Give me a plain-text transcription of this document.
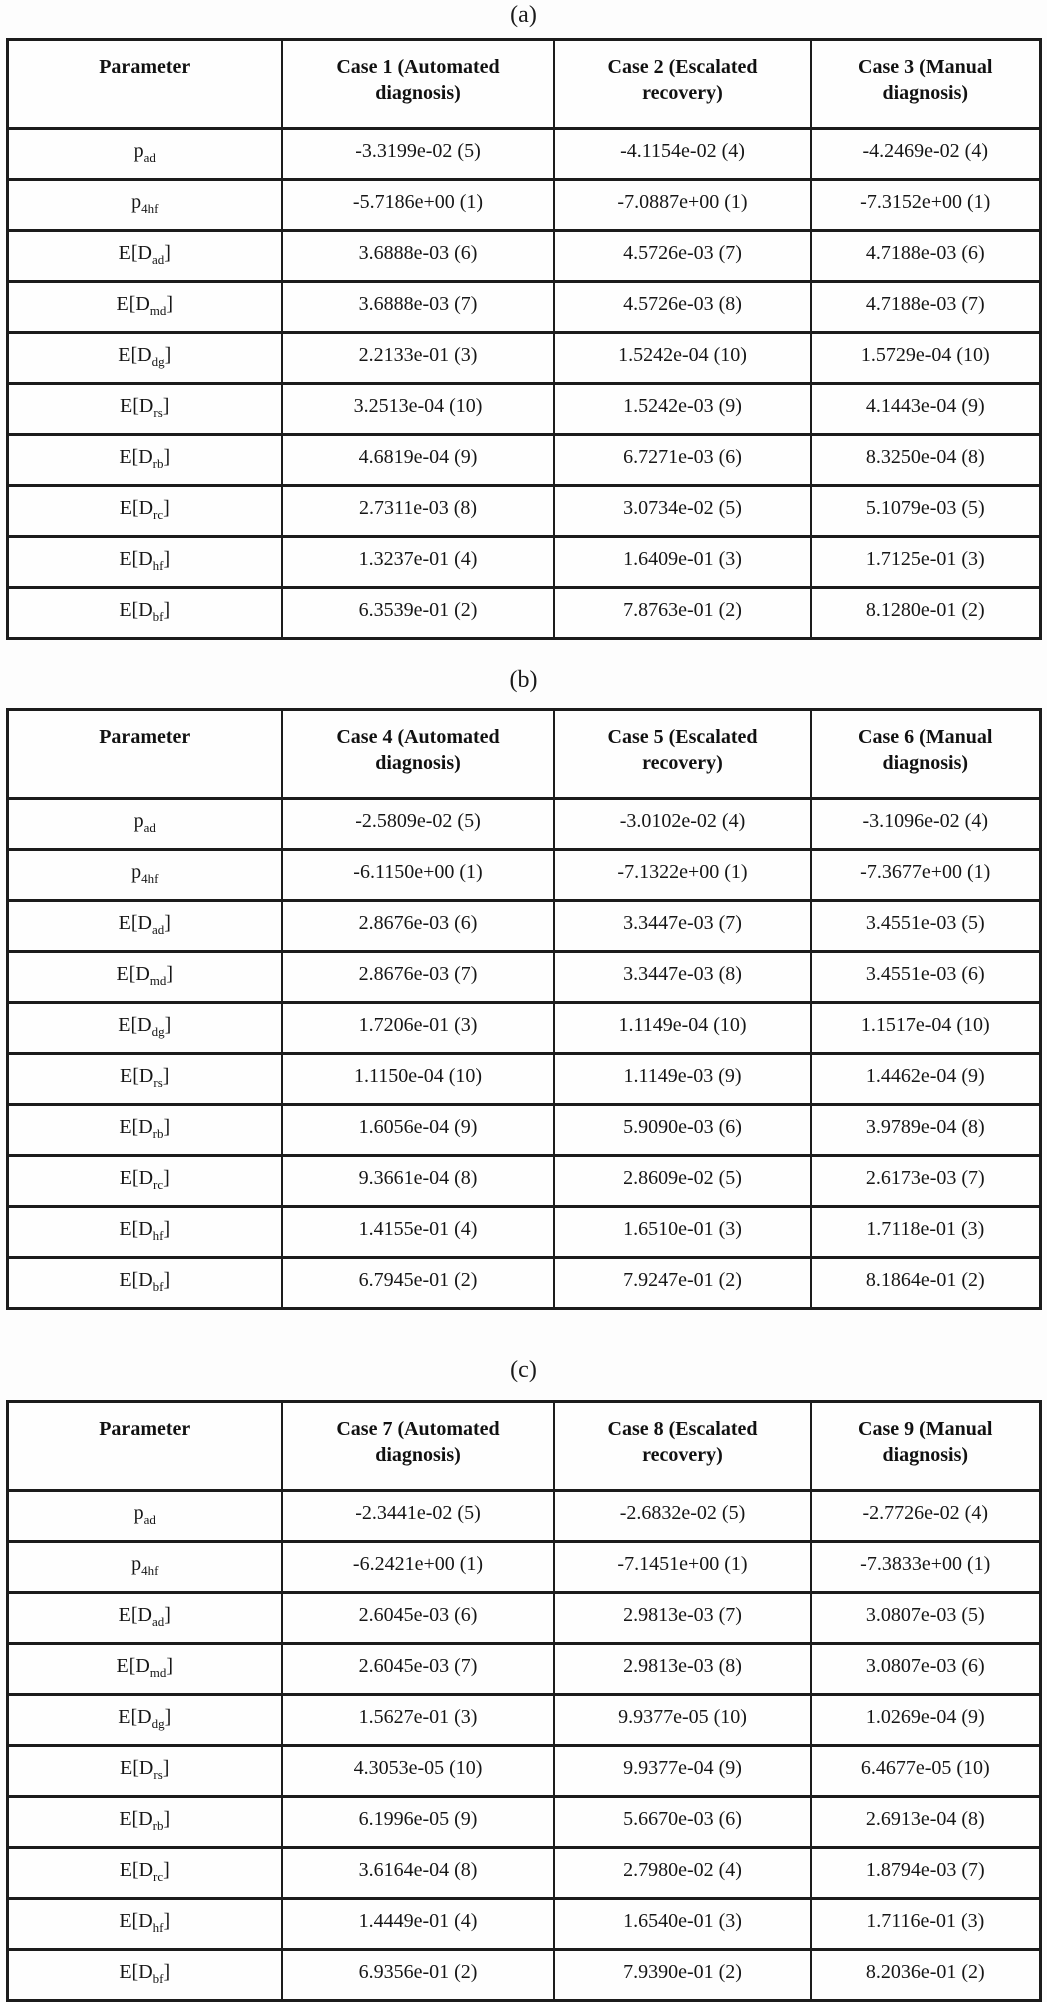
(a)
Parameter	Case 1 (Automated diagnosis)	Case 2 (Escalated recovery)	Case 3 (Manual diagnosis)
$p_{ad}$	-3.3199e-02 (5)	-4.1154e-02 (4)	-4.2469e-02 (4)
$p_{4hf}$	-5.7186e+00 (1)	-7.0887e+00 (1)	-7.3152e+00 (1)
$E[D_{ad}]$	3.6888e-03 (6)	4.5726e-03 (7)	4.7188e-03 (6)
$E[D_{md}]$	3.6888e-03 (7)	4.5726e-03 (8)	4.7188e-03 (7)
$E[D_{dg}]$	2.2133e-01 (3)	1.5242e-04 (10)	1.5729e-04 (10)
$E[D_{rs}]$	3.2513e-04 (10)	1.5242e-03 (9)	4.1443e-04 (9)
$E[D_{rb}]$	4.6819e-04 (9)	6.7271e-03 (6)	8.3250e-04 (8)
$E[D_{rc}]$	2.7311e-03 (8)	3.0734e-02 (5)	5.1079e-03 (5)
$E[D_{hf}]$	1.3237e-01 (4)	1.6409e-01 (3)	1.7125e-01 (3)
$E[D_{bf}]$	6.3539e-01 (2)	7.8763e-01 (2)	8.1280e-01 (2)
(b)
Parameter	Case 4 (Automated diagnosis)	Case 5 (Escalated recovery)	Case 6 (Manual diagnosis)
$p_{ad}$	-2.5809e-02 (5)	-3.0102e-02 (4)	-3.1096e-02 (4)
$p_{4hf}$	-6.1150e+00 (1)	-7.1322e+00 (1)	-7.3677e+00 (1)
$E[D_{ad}]$	2.8676e-03 (6)	3.3447e-03 (7)	3.4551e-03 (5)
$E[D_{md}]$	2.8676e-03 (7)	3.3447e-03 (8)	3.4551e-03 (6)
$E[D_{dg}]$	1.7206e-01 (3)	1.1149e-04 (10)	1.1517e-04 (10)
$E[D_{rs}]$	1.1150e-04 (10)	1.1149e-03 (9)	1.4462e-04 (9)
$E[D_{rb}]$	1.6056e-04 (9)	5.9090e-03 (6)	3.9789e-04 (8)
$E[D_{rc}]$	9.3661e-04 (8)	2.8609e-02 (5)	2.6173e-03 (7)
$E[D_{hf}]$	1.4155e-01 (4)	1.6510e-01 (3)	1.7118e-01 (3)
$E[D_{bf}]$	6.7945e-01 (2)	7.9247e-01 (2)	8.1864e-01 (2)
(c)
Parameter	Case 7 (Automated diagnosis)	Case 8 (Escalated recovery)	Case 9 (Manual diagnosis)
$p_{ad}$	-2.3441e-02 (5)	-2.6832e-02 (5)	-2.7726e-02 (4)
$p_{4hf}$	-6.2421e+00 (1)	-7.1451e+00 (1)	-7.3833e+00 (1)
$E[D_{ad}]$	2.6045e-03 (6)	2.9813e-03 (7)	3.0807e-03 (5)
$E[D_{md}]$	2.6045e-03 (7)	2.9813e-03 (8)	3.0807e-03 (6)
$E[D_{dg}]$	1.5627e-01 (3)	9.9377e-05 (10)	1.0269e-04 (9)
$E[D_{rs}]$	4.3053e-05 (10)	9.9377e-04 (9)	6.4677e-05 (10)
$E[D_{rb}]$	6.1996e-05 (9)	5.6670e-03 (6)	2.6913e-04 (8)
$E[D_{rc}]$	3.6164e-04 (8)	2.7980e-02 (4)	1.8794e-03 (7)
$E[D_{hf}]$	1.4449e-01 (4)	1.6540e-01 (3)	1.7116e-01 (3)
$E[D_{bf}]$	6.9356e-01 (2)	7.9390e-01 (2)	8.2036e-01 (2)
